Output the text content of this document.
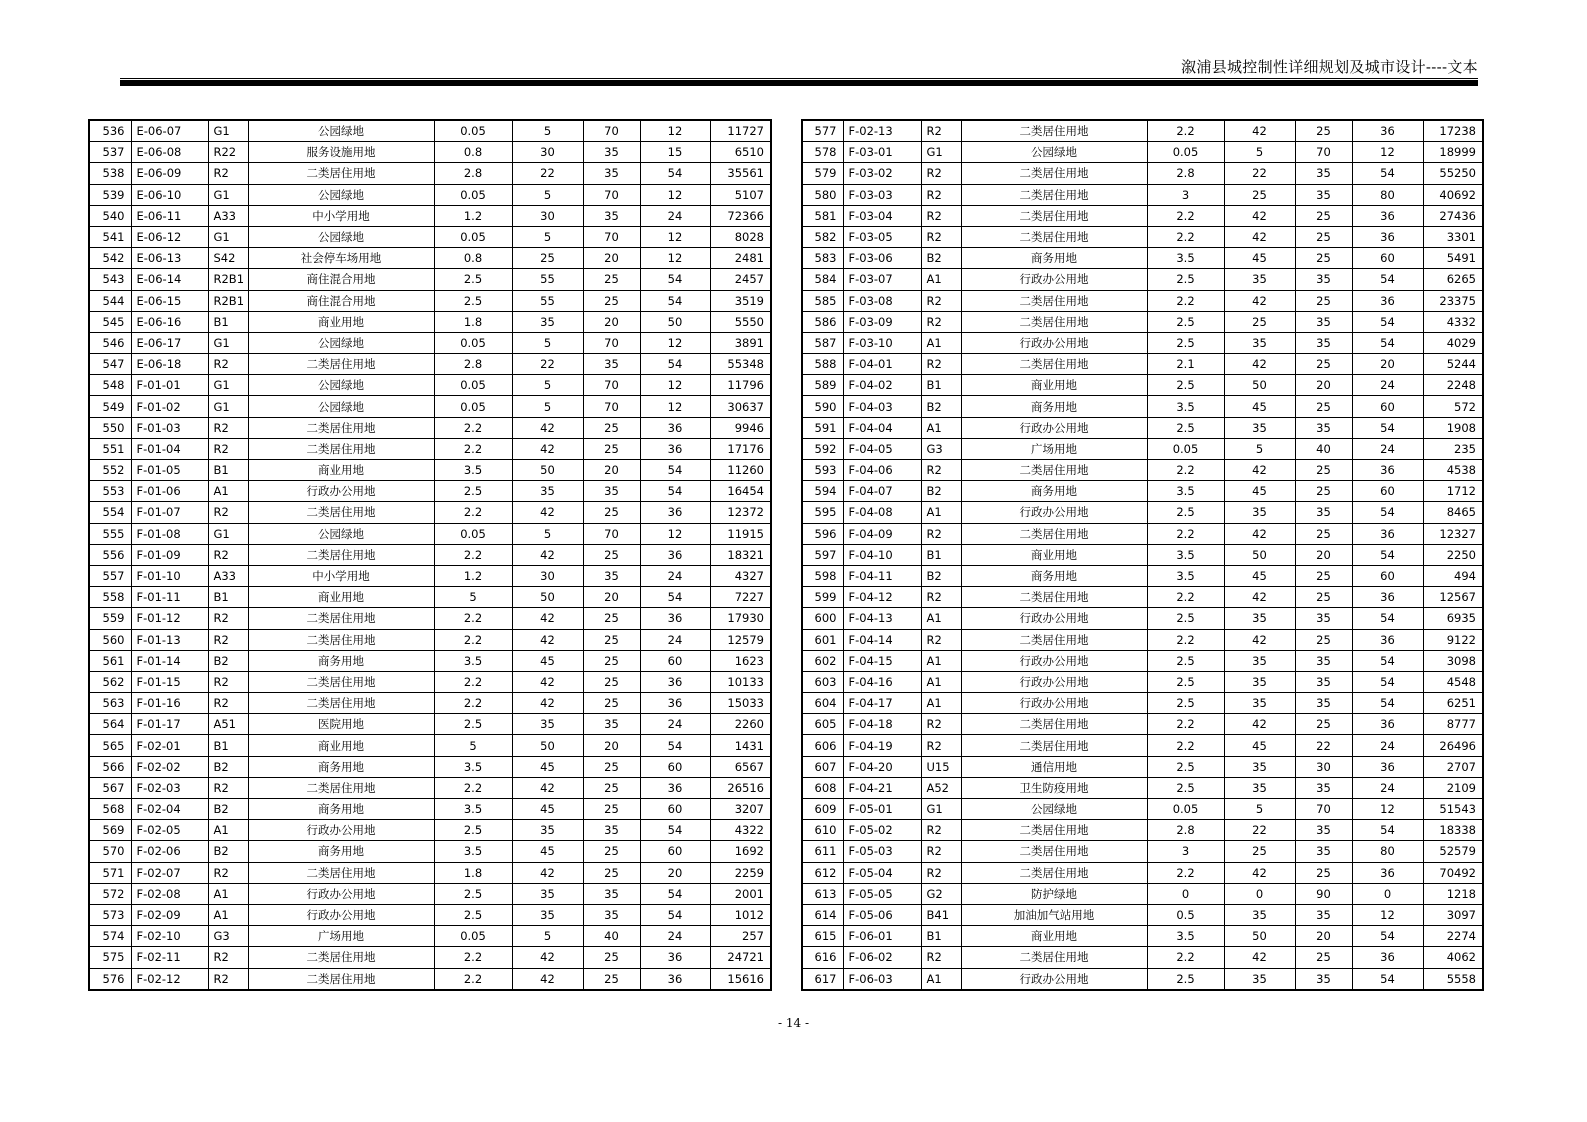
溆浦县城控制性详细规划及城市设计----文本
536	E-06-07	G1	公园绿地	0.05	5	70	12	11727
537	E-06-08	R22	服务设施用地	0.8	30	35	15	6510
538	E-06-09	R2	二类居住用地	2.8	22	35	54	35561
539	E-06-10	G1	公园绿地	0.05	5	70	12	5107
540	E-06-11	A33	中小学用地	1.2	30	35	24	72366
541	E-06-12	G1	公园绿地	0.05	5	70	12	8028
542	E-06-13	S42	社会停车场用地	0.8	25	20	12	2481
543	E-06-14	R2B1	商住混合用地	2.5	55	25	54	2457
544	E-06-15	R2B1	商住混合用地	2.5	55	25	54	3519
545	E-06-16	B1	商业用地	1.8	35	20	50	5550
546	E-06-17	G1	公园绿地	0.05	5	70	12	3891
547	E-06-18	R2	二类居住用地	2.8	22	35	54	55348
548	F-01-01	G1	公园绿地	0.05	5	70	12	11796
549	F-01-02	G1	公园绿地	0.05	5	70	12	30637
550	F-01-03	R2	二类居住用地	2.2	42	25	36	9946
551	F-01-04	R2	二类居住用地	2.2	42	25	36	17176
552	F-01-05	B1	商业用地	3.5	50	20	54	11260
553	F-01-06	A1	行政办公用地	2.5	35	35	54	16454
554	F-01-07	R2	二类居住用地	2.2	42	25	36	12372
555	F-01-08	G1	公园绿地	0.05	5	70	12	11915
556	F-01-09	R2	二类居住用地	2.2	42	25	36	18321
557	F-01-10	A33	中小学用地	1.2	30	35	24	4327
558	F-01-11	B1	商业用地	5	50	20	54	7227
559	F-01-12	R2	二类居住用地	2.2	42	25	36	17930
560	F-01-13	R2	二类居住用地	2.2	42	25	24	12579
561	F-01-14	B2	商务用地	3.5	45	25	60	1623
562	F-01-15	R2	二类居住用地	2.2	42	25	36	10133
563	F-01-16	R2	二类居住用地	2.2	42	25	36	15033
564	F-01-17	A51	医院用地	2.5	35	35	24	2260
565	F-02-01	B1	商业用地	5	50	20	54	1431
566	F-02-02	B2	商务用地	3.5	45	25	60	6567
567	F-02-03	R2	二类居住用地	2.2	42	25	36	26516
568	F-02-04	B2	商务用地	3.5	45	25	60	3207
569	F-02-05	A1	行政办公用地	2.5	35	35	54	4322
570	F-02-06	B2	商务用地	3.5	45	25	60	1692
571	F-02-07	R2	二类居住用地	1.8	42	25	20	2259
572	F-02-08	A1	行政办公用地	2.5	35	35	54	2001
573	F-02-09	A1	行政办公用地	2.5	35	35	54	1012
574	F-02-10	G3	广场用地	0.05	5	40	24	257
575	F-02-11	R2	二类居住用地	2.2	42	25	36	24721
576	F-02-12	R2	二类居住用地	2.2	42	25	36	15616
577	F-02-13	R2	二类居住用地	2.2	42	25	36	17238
578	F-03-01	G1	公园绿地	0.05	5	70	12	18999
579	F-03-02	R2	二类居住用地	2.8	22	35	54	55250
580	F-03-03	R2	二类居住用地	3	25	35	80	40692
581	F-03-04	R2	二类居住用地	2.2	42	25	36	27436
582	F-03-05	R2	二类居住用地	2.2	42	25	36	3301
583	F-03-06	B2	商务用地	3.5	45	25	60	5491
584	F-03-07	A1	行政办公用地	2.5	35	35	54	6265
585	F-03-08	R2	二类居住用地	2.2	42	25	36	23375
586	F-03-09	R2	二类居住用地	2.5	25	35	54	4332
587	F-03-10	A1	行政办公用地	2.5	35	35	54	4029
588	F-04-01	R2	二类居住用地	2.1	42	25	20	5244
589	F-04-02	B1	商业用地	2.5	50	20	24	2248
590	F-04-03	B2	商务用地	3.5	45	25	60	572
591	F-04-04	A1	行政办公用地	2.5	35	35	54	1908
592	F-04-05	G3	广场用地	0.05	5	40	24	235
593	F-04-06	R2	二类居住用地	2.2	42	25	36	4538
594	F-04-07	B2	商务用地	3.5	45	25	60	1712
595	F-04-08	A1	行政办公用地	2.5	35	35	54	8465
596	F-04-09	R2	二类居住用地	2.2	42	25	36	12327
597	F-04-10	B1	商业用地	3.5	50	20	54	2250
598	F-04-11	B2	商务用地	3.5	45	25	60	494
599	F-04-12	R2	二类居住用地	2.2	42	25	36	12567
600	F-04-13	A1	行政办公用地	2.5	35	35	54	6935
601	F-04-14	R2	二类居住用地	2.2	42	25	36	9122
602	F-04-15	A1	行政办公用地	2.5	35	35	54	3098
603	F-04-16	A1	行政办公用地	2.5	35	35	54	4548
604	F-04-17	A1	行政办公用地	2.5	35	35	54	6251
605	F-04-18	R2	二类居住用地	2.2	42	25	36	8777
606	F-04-19	R2	二类居住用地	2.2	45	22	24	26496
607	F-04-20	U15	通信用地	2.5	35	30	36	2707
608	F-04-21	A52	卫生防疫用地	2.5	35	35	24	2109
609	F-05-01	G1	公园绿地	0.05	5	70	12	51543
610	F-05-02	R2	二类居住用地	2.8	22	35	54	18338
611	F-05-03	R2	二类居住用地	3	25	35	80	52579
612	F-05-04	R2	二类居住用地	2.2	42	25	36	70492
613	F-05-05	G2	防护绿地	0	0	90	0	1218
614	F-05-06	B41	加油加气站用地	0.5	35	35	12	3097
615	F-06-01	B1	商业用地	3.5	50	20	54	2274
616	F-06-02	R2	二类居住用地	2.2	42	25	36	4062
617	F-06-03	A1	行政办公用地	2.5	35	35	54	5558
- 14 -
